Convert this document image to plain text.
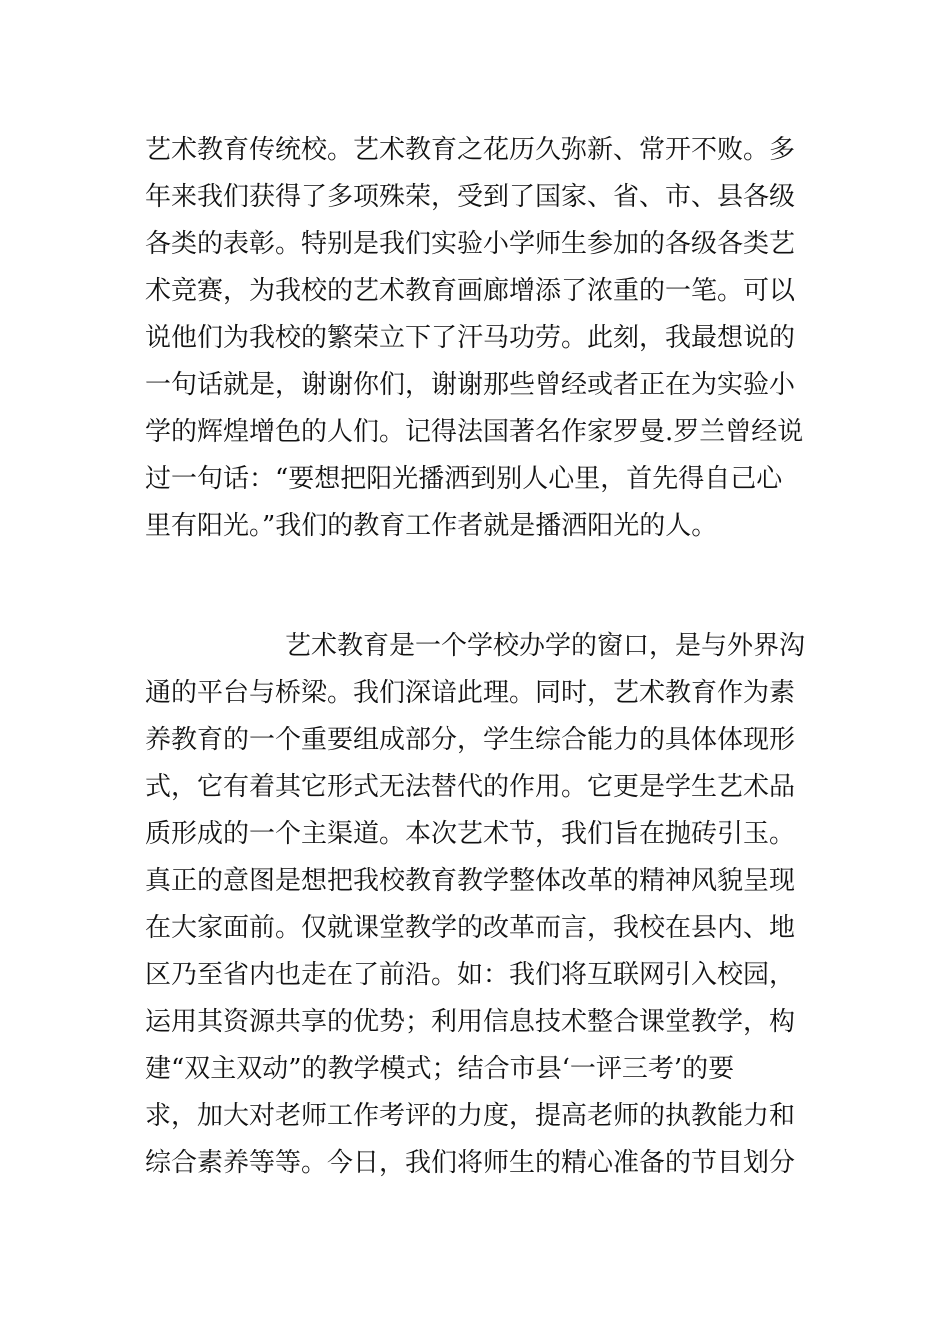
艺术教育传统校。艺术教育之花历久弥新、常开不败。多
年来我们获得了多项殊荣，受到了国家、省、市、县各级
各类的表彰。特别是我们实验小学师生参加的各级各类艺
术竞赛，为我校的艺术教育画廊增添了浓重的一笔。可以
说他们为我校的繁荣立下了汗马功劳。此刻，我最想说的
一句话就是，谢谢你们，谢谢那些曾经或者正在为实验小
学的辉煌增色的人们。记得法国著名作家罗曼.罗兰曾经说
过一句话：“要想把阳光播洒到别人心里，首先得自己心
里有阳光。”我们的教育工作者就是播洒阳光的人。
艺术教育是一个学校办学的窗口，是与外界沟
通的平台与桥梁。我们深谙此理。同时，艺术教育作为素
养教育的一个重要组成部分，学生综合能力的具体体现形
式，它有着其它形式无法替代的作用。它更是学生艺术品
质形成的一个主渠道。本次艺术节，我们旨在抛砖引玉。
真正的意图是想把我校教育教学整体改革的精神风貌呈现
在大家面前。仅就课堂教学的改革而言，我校在县内、地
区乃至省内也走在了前沿。如：我们将互联网引入校园，
运用其资源共享的优势；利用信息技术整合课堂教学，构
建“双主双动”的教学模式；结合市县‘一评三考’的要
求，加大对老师工作考评的力度，提高老师的执教能力和
综合素养等等。今日，我们将师生的精心准备的节目划分
